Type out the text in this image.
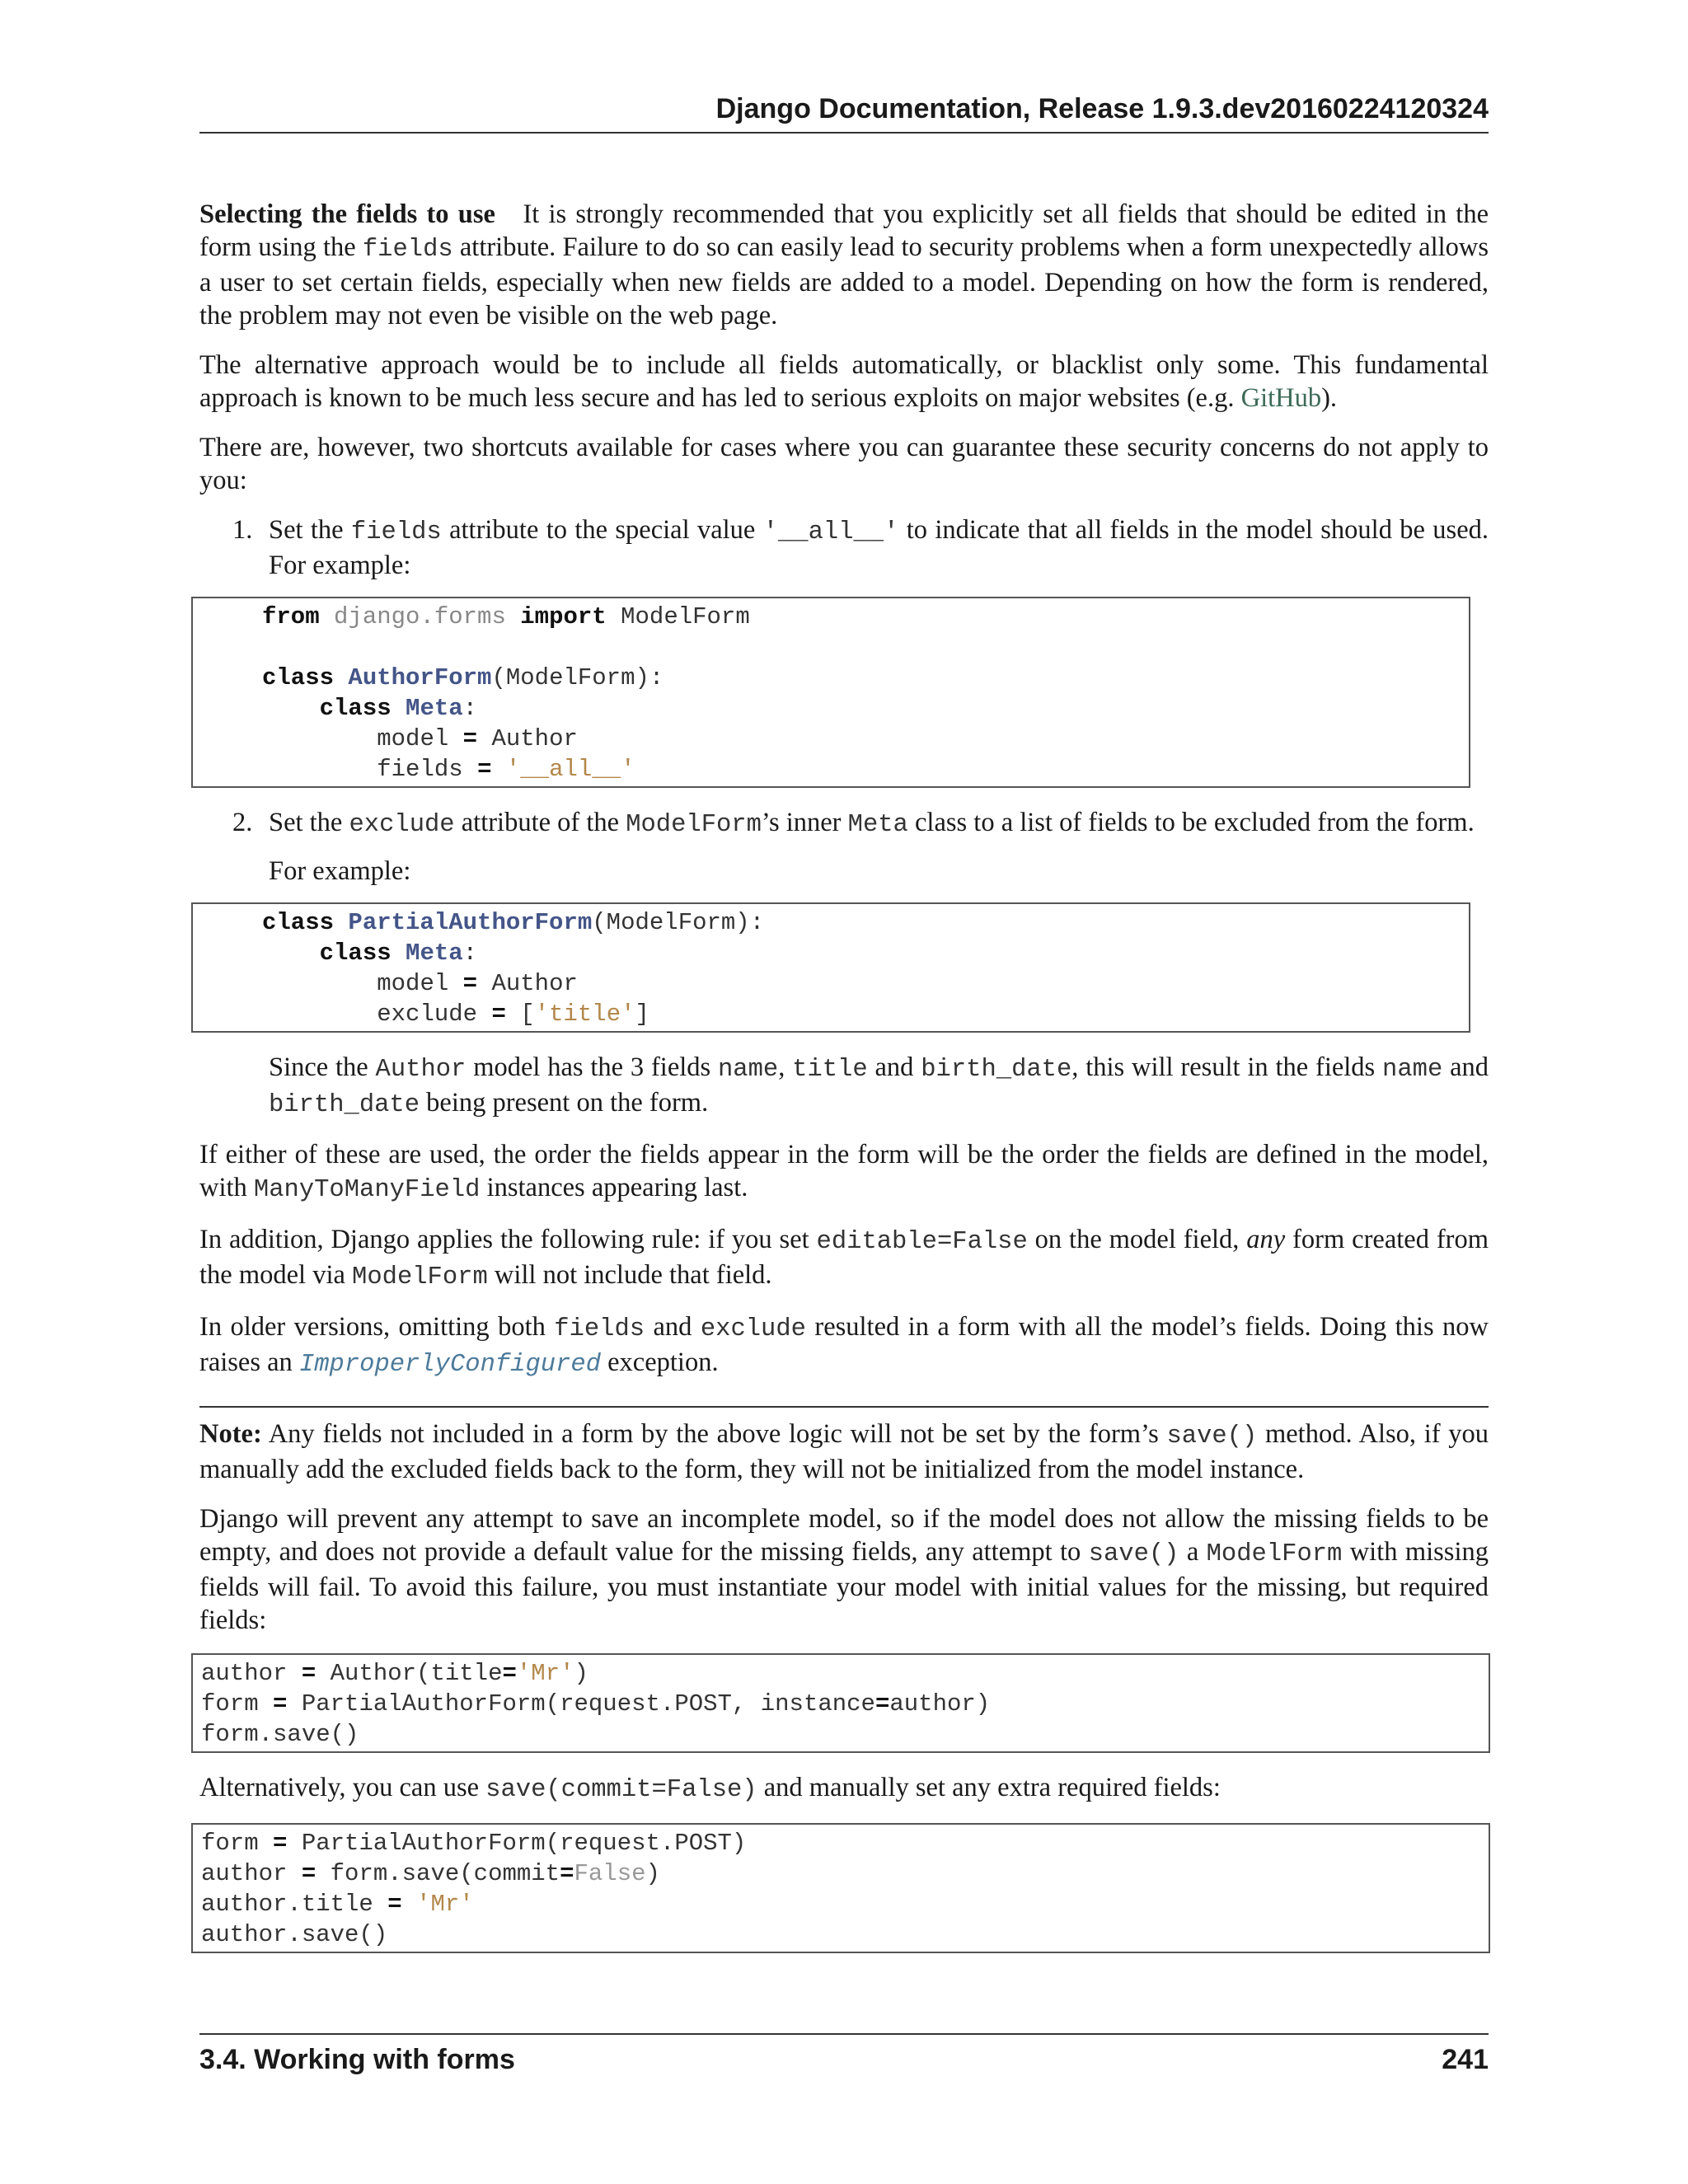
Django Documentation, Release 1.9.3.dev20160224120324

Selecting the fields to use It is strongly recommended that you explicitly set all fields that should be edited in the form using the fields attribute. Failure to do so can easily lead to security problems when a form unexpectedly allows a user to set certain fields, especially when new fields are added to a model. Depending on how the form is rendered, the problem may not even be visible on the web page.

The alternative approach would be to include all fields automatically, or blacklist only some. This fundamental approach is known to be much less secure and has led to serious exploits on major websites (e.g. GitHub).

There are, however, two shortcuts available for cases where you can guarantee these security concerns do not apply to you:

1. Set the fields attribute to the special value '__all__' to indicate that all fields in the model should be used. For example:

from django.forms import ModelForm

class AuthorForm(ModelForm):
class Meta:
model = Author
fields = '__all__'
2. Set the exclude attribute of the ModelForm’s inner Meta class to a list of fields to be excluded from the form.

For example:

class PartialAuthorForm(ModelForm):
class Meta:
model = Author
exclude = ['title']

Since the Author model has the 3 fields name, title and birth_date, this will result in the fields name and birth_date being present on the form.

If either of these are used, the order the fields appear in the form will be the order the fields are defined in the model, with ManyToManyField instances appearing last.

In addition, Django applies the following rule: if you set editable=False on the model field, any form created from the model via ModelForm will not include that field.

In older versions, omitting both fields and exclude resulted in a form with all the model’s fields. Doing this now raises an ImproperlyConfigured exception.

Note: Any fields not included in a form by the above logic will not be set by the form’s save() method. Also, if you manually add the excluded fields back to the form, they will not be initialized from the model instance.

Django will prevent any attempt to save an incomplete model, so if the model does not allow the missing fields to be empty, and does not provide a default value for the missing fields, any attempt to save() a ModelForm with missing fields will fail. To avoid this failure, you must instantiate your model with initial values for the missing, but required fields:

author = Author(title='Mr')
form = PartialAuthorForm(request.POST, instance=author)
form.save()

Alternatively, you can use save(commit=False) and manually set any extra required fields:

form = PartialAuthorForm(request.POST)
author = form.save(commit=False)
author.title = 'Mr'
author.save()
3.4. Working with forms	241
